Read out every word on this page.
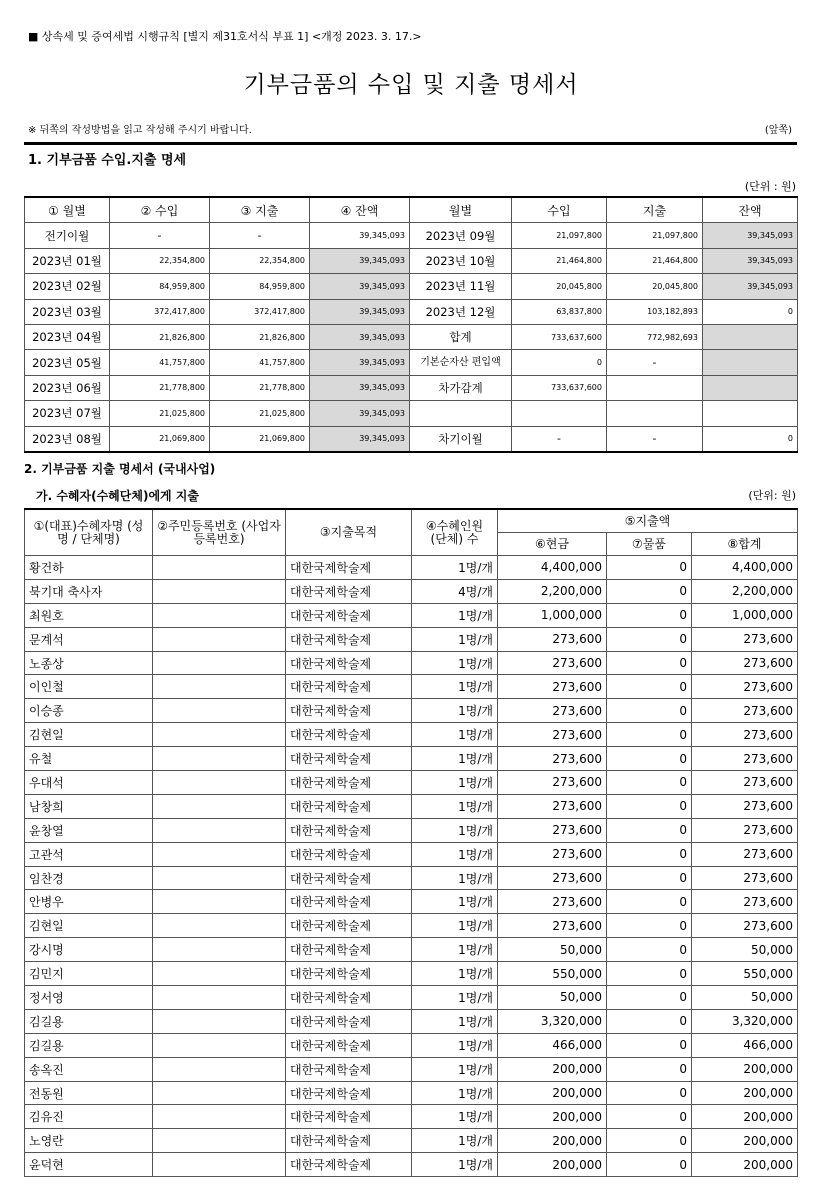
■ 상속세 및 증여세법 시행규칙 [별지 제31호서식 부표 1] <개정 2023. 3. 17.>
기부금품의 수입 및 지출 명세서
※ 뒤쪽의 작성방법을 읽고 작성해 주시기 바랍니다.	(앞쪽)
1. 기부금품 수입.지출 명세
(단위 : 원)
① 월별	② 수입	③ 지출	④ 잔액	월별	수입	지출	잔액
전기이월	-	-	39,345,093	2023년 09월	21,097,800	21,097,800	39,345,093
2023년 01월	22,354,800	22,354,800	39,345,093	2023년 10월	21,464,800	21,464,800	39,345,093
2023년 02월	84,959,800	84,959,800	39,345,093	2023년 11월	20,045,800	20,045,800	39,345,093
2023년 03월	372,417,800	372,417,800	39,345,093	2023년 12월	63,837,800	103,182,893	0
2023년 04월	21,826,800	21,826,800	39,345,093	합계	733,637,600	772,982,693	
2023년 05월	41,757,800	41,757,800	39,345,093	기본순자산 편입액	0	-	
2023년 06월	21,778,800	21,778,800	39,345,093	차가감계	733,637,600		
2023년 07월	21,025,800	21,025,800	39,345,093				
2023년 08월	21,069,800	21,069,800	39,345,093	차기이월	-	-	0
2. 기부금품 지출 명세서 (국내사업)
가. 수혜자(수혜단체)에게 지출	(단위: 원)
①(대표)수혜자명 (성명 / 단체명)	②주민등록번호 (사업자등록번호)	③지출목적	④수혜인원 (단체) 수	⑤지출액		
				⑥현금	⑦물품	⑧합계
황건하		대한국제학술제	1명/개	4,400,000	0	4,400,000
북기대 축사자		대한국제학술제	4명/개	2,200,000	0	2,200,000
최원호		대한국제학술제	1명/개	1,000,000	0	1,000,000
문계석		대한국제학술제	1명/개	273,600	0	273,600
노종상		대한국제학술제	1명/개	273,600	0	273,600
이인철		대한국제학술제	1명/개	273,600	0	273,600
이승종		대한국제학술제	1명/개	273,600	0	273,600
김현일		대한국제학술제	1명/개	273,600	0	273,600
유철		대한국제학술제	1명/개	273,600	0	273,600
우대석		대한국제학술제	1명/개	273,600	0	273,600
남창희		대한국제학술제	1명/개	273,600	0	273,600
윤창열		대한국제학술제	1명/개	273,600	0	273,600
고관석		대한국제학술제	1명/개	273,600	0	273,600
임찬경		대한국제학술제	1명/개	273,600	0	273,600
안병우		대한국제학술제	1명/개	273,600	0	273,600
김현일		대한국제학술제	1명/개	273,600	0	273,600
강시명		대한국제학술제	1명/개	50,000	0	50,000
김민지		대한국제학술제	1명/개	550,000	0	550,000
정서영		대한국제학술제	1명/개	50,000	0	50,000
김길용		대한국제학술제	1명/개	3,320,000	0	3,320,000
김길용		대한국제학술제	1명/개	466,000	0	466,000
송옥진		대한국제학술제	1명/개	200,000	0	200,000
전동원		대한국제학술제	1명/개	200,000	0	200,000
김유진		대한국제학술제	1명/개	200,000	0	200,000
노영란		대한국제학술제	1명/개	200,000	0	200,000
윤덕현		대한국제학술제	1명/개	200,000	0	200,000
